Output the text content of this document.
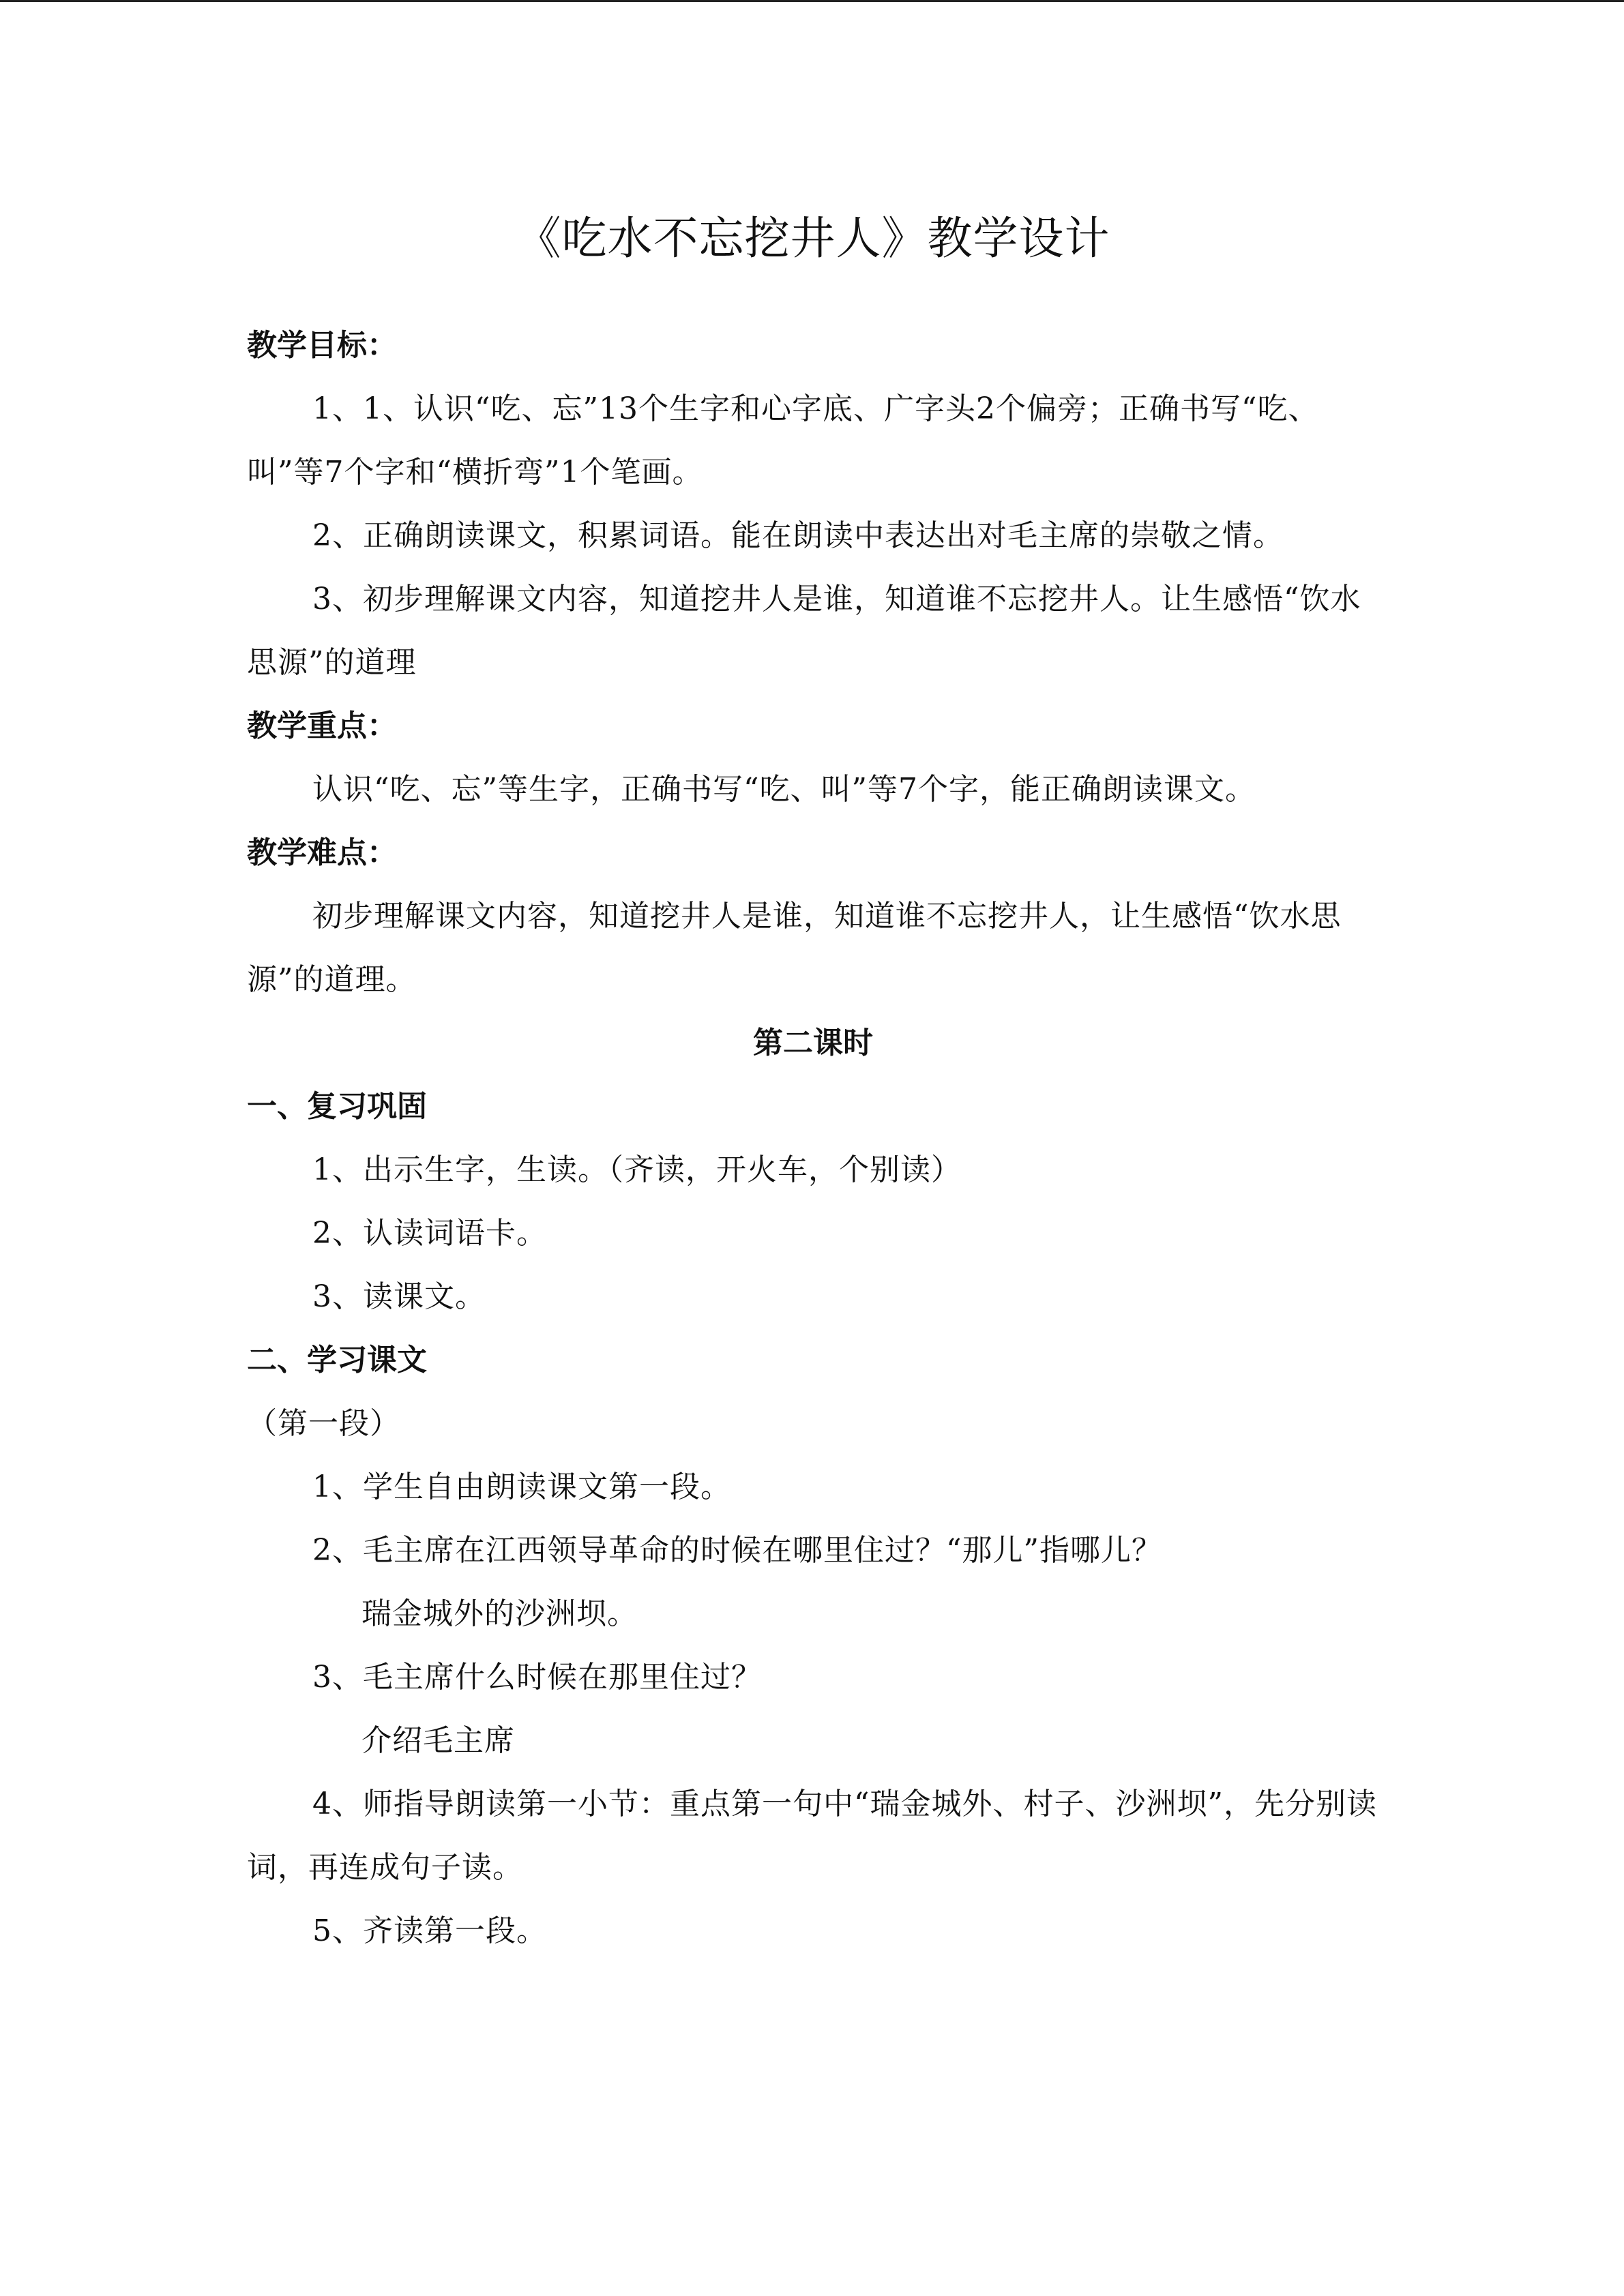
《吃水不忘挖井人》教学设计

教学目标：

1、1、认识“吃、忘”13个生字和心字底、广字头2个偏旁；正确书写“吃、叫”等7个字和“横折弯”1个笔画。

2、正确朗读课文，积累词语。能在朗读中表达出对毛主席的崇敬之情。

3、初步理解课文内容，知道挖井人是谁，知道谁不忘挖井人。让生感悟“饮水思源”的道理

教学重点：

认识“吃、忘”等生字，正确书写“吃、叫”等7个字，能正确朗读课文。

教学难点：

初步理解课文内容，知道挖井人是谁，知道谁不忘挖井人，让生感悟“饮水思源”的道理。

第二课时

一、复习巩固

1、出示生字，生读。（齐读，开火车，个别读）

2、认读词语卡。

3、读课文。

二、学习课文

（第一段）

1、学生自由朗读课文第一段。

2、毛主席在江西领导革命的时候在哪里住过？“那儿”指哪儿？

瑞金城外的沙洲坝。

3、毛主席什么时候在那里住过？

介绍毛主席

4、师指导朗读第一小节：重点第一句中“瑞金城外、村子、沙洲坝”，先分别读词，再连成句子读。

5、齐读第一段。
